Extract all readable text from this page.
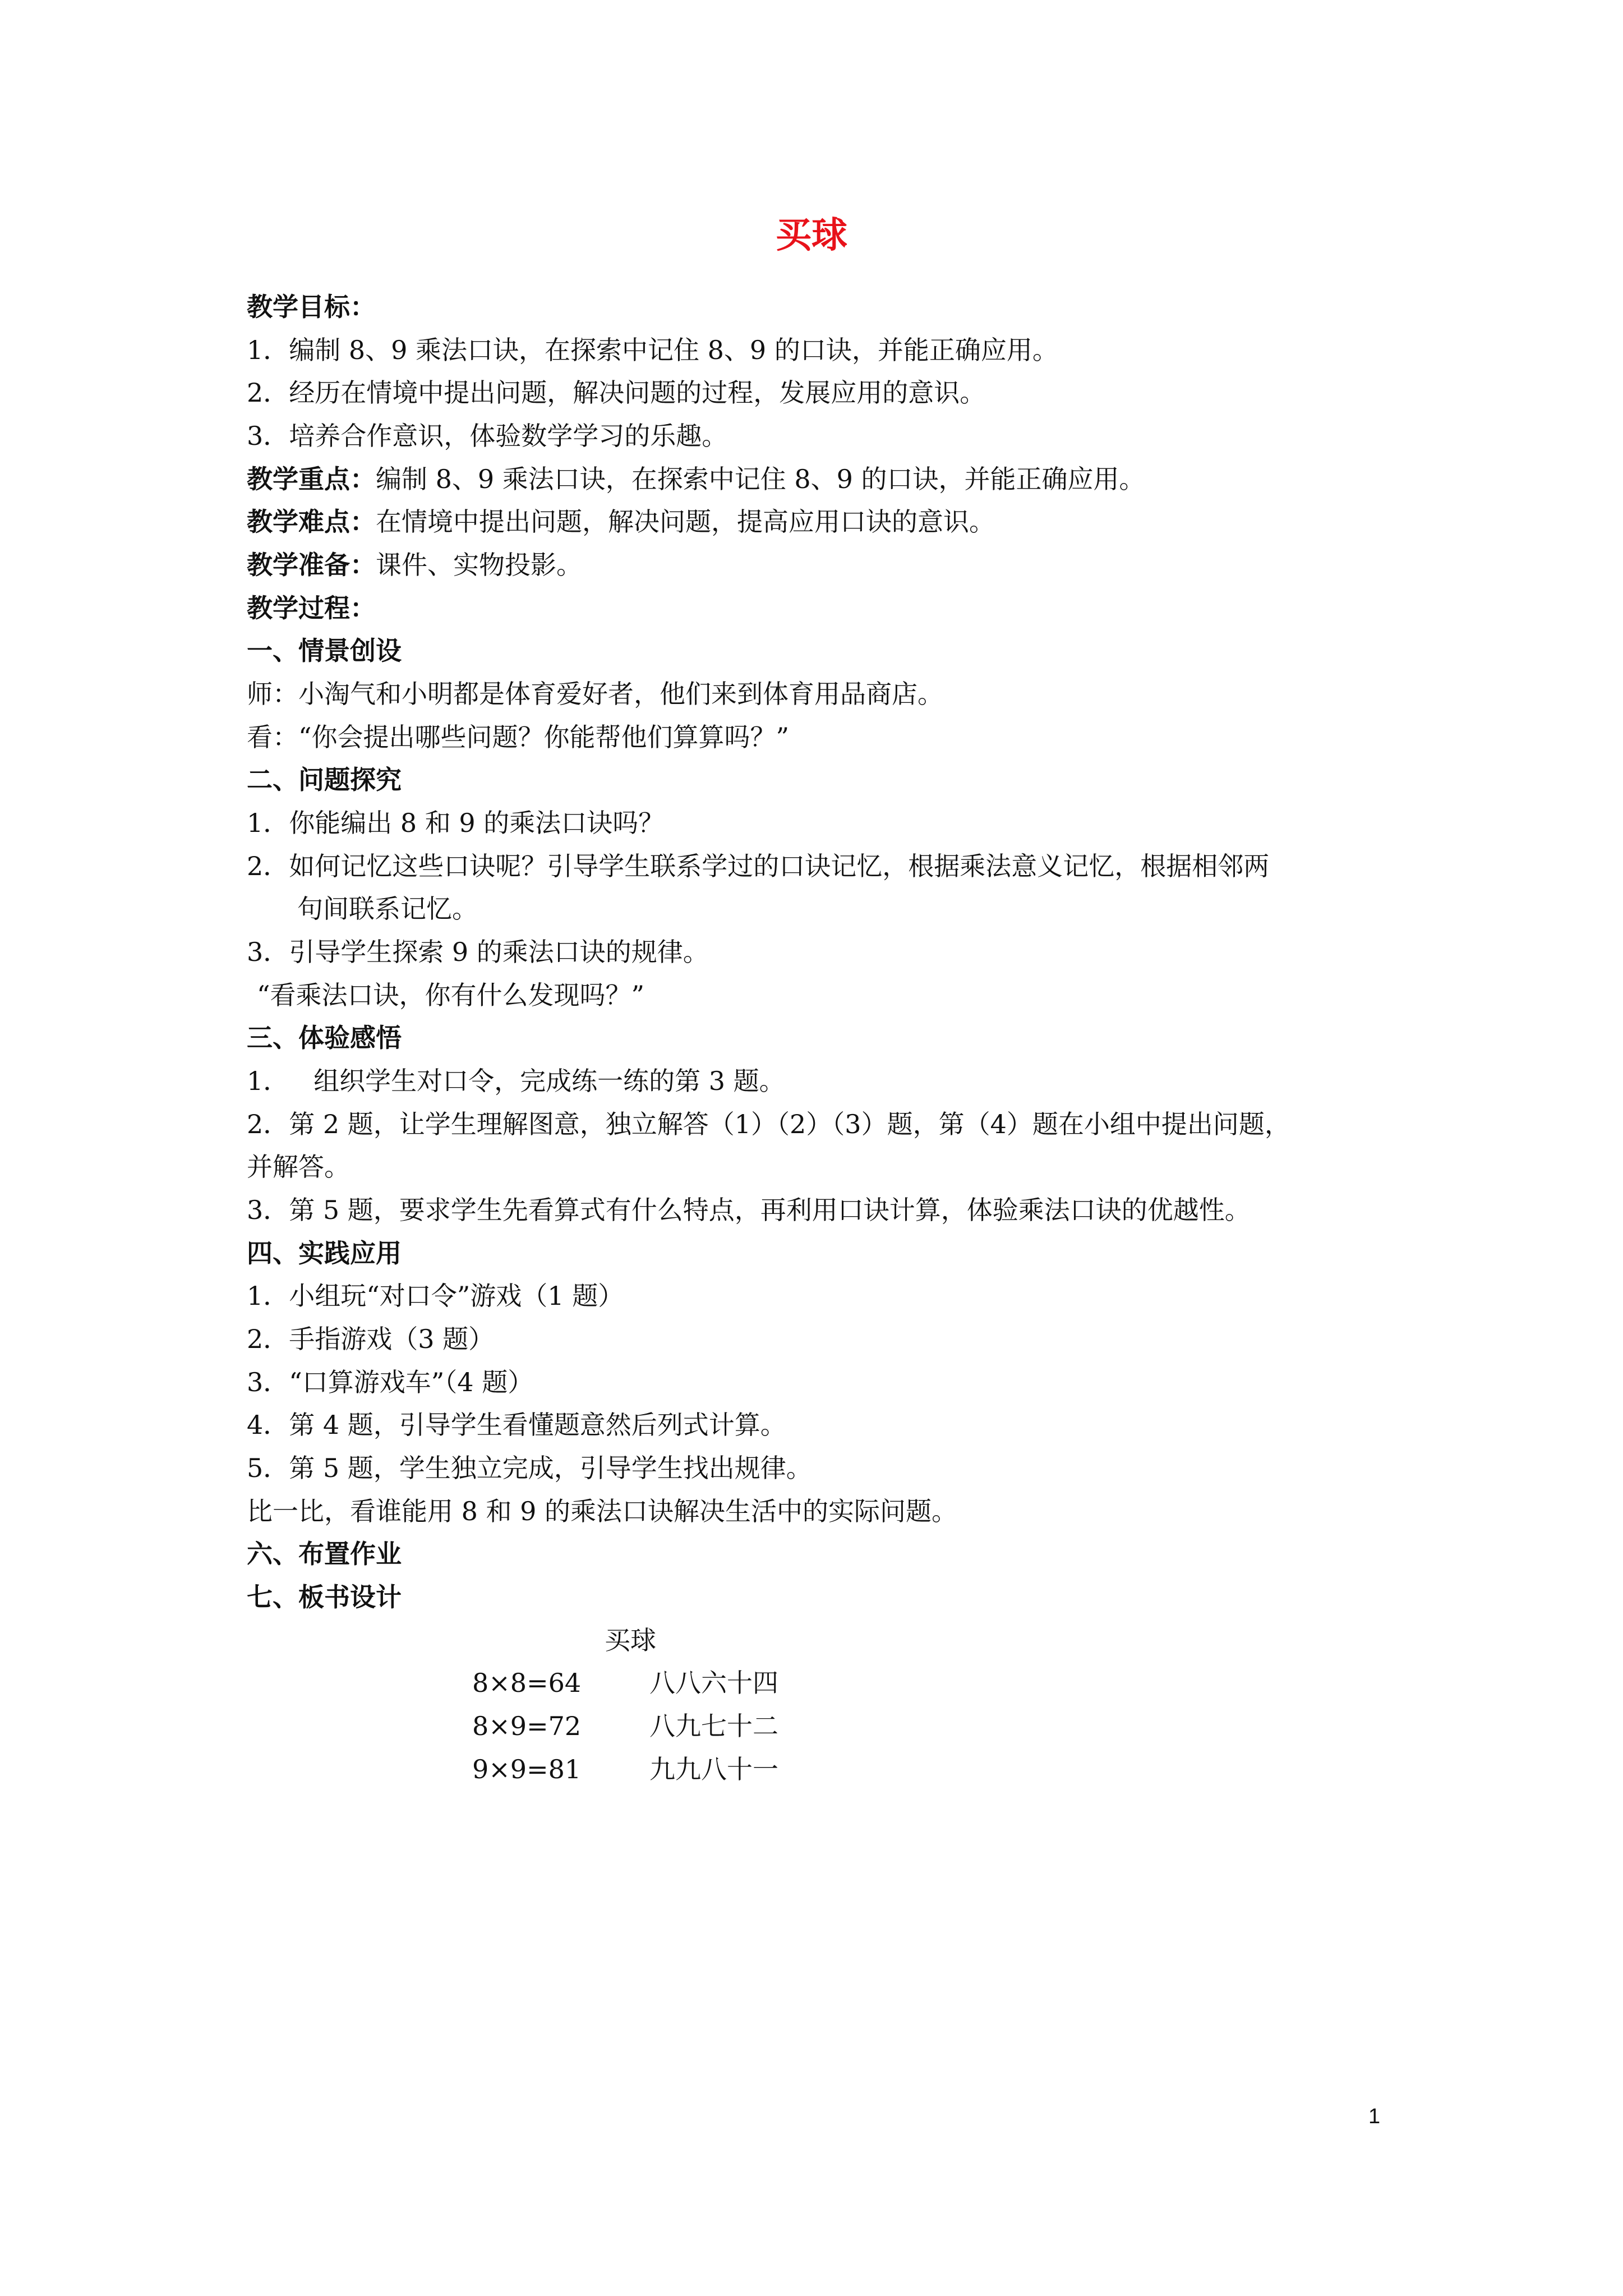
买球
教学目标：
1．编制 8、9 乘法口诀，在探索中记住 8、9 的口诀，并能正确应用。
2．经历在情境中提出问题，解决问题的过程，发展应用的意识。
3．培养合作意识，体验数学学习的乐趣。
教学重点：编制 8、9 乘法口诀，在探索中记住 8、9 的口诀，并能正确应用。
教学难点：在情境中提出问题，解决问题，提高应用口诀的意识。
教学准备：课件、实物投影。
教学过程：
一、情景创设
师：小淘气和小明都是体育爱好者，他们来到体育用品商店。
看：“你会提出哪些问题？你能帮他们算算吗？”
二、问题探究
1．你能编出 8 和 9 的乘法口诀吗？
2．如何记忆这些口诀呢？引导学生联系学过的口诀记忆，根据乘法意义记忆，根据相邻两
句间联系记忆。
3．引导学生探索 9 的乘法口诀的规律。
“看乘法口诀，你有什么发现吗？”
三、体验感悟
1．   组织学生对口令，完成练一练的第 3 题。
2．第 2 题，让学生理解图意，独立解答（1）（2）（3）题，第（4）题在小组中提出问题，
并解答。
3．第 5 题，要求学生先看算式有什么特点，再利用口诀计算，体验乘法口诀的优越性。
四、实践应用
1．小组玩“对口令”游戏（1 题）
2．手指游戏（3 题）
3．“口算游戏车”（4 题）
4．第 4 题，引导学生看懂题意然后列式计算。
5．第 5 题，学生独立完成，引导学生找出规律。
比一比，看谁能用 8 和 9 的乘法口诀解决生活中的实际问题。
六、布置作业
七、板书设计
买球
8×8=64	八八六十四
8×9=72	八九七十二
9×9=81	九九八十一
1
